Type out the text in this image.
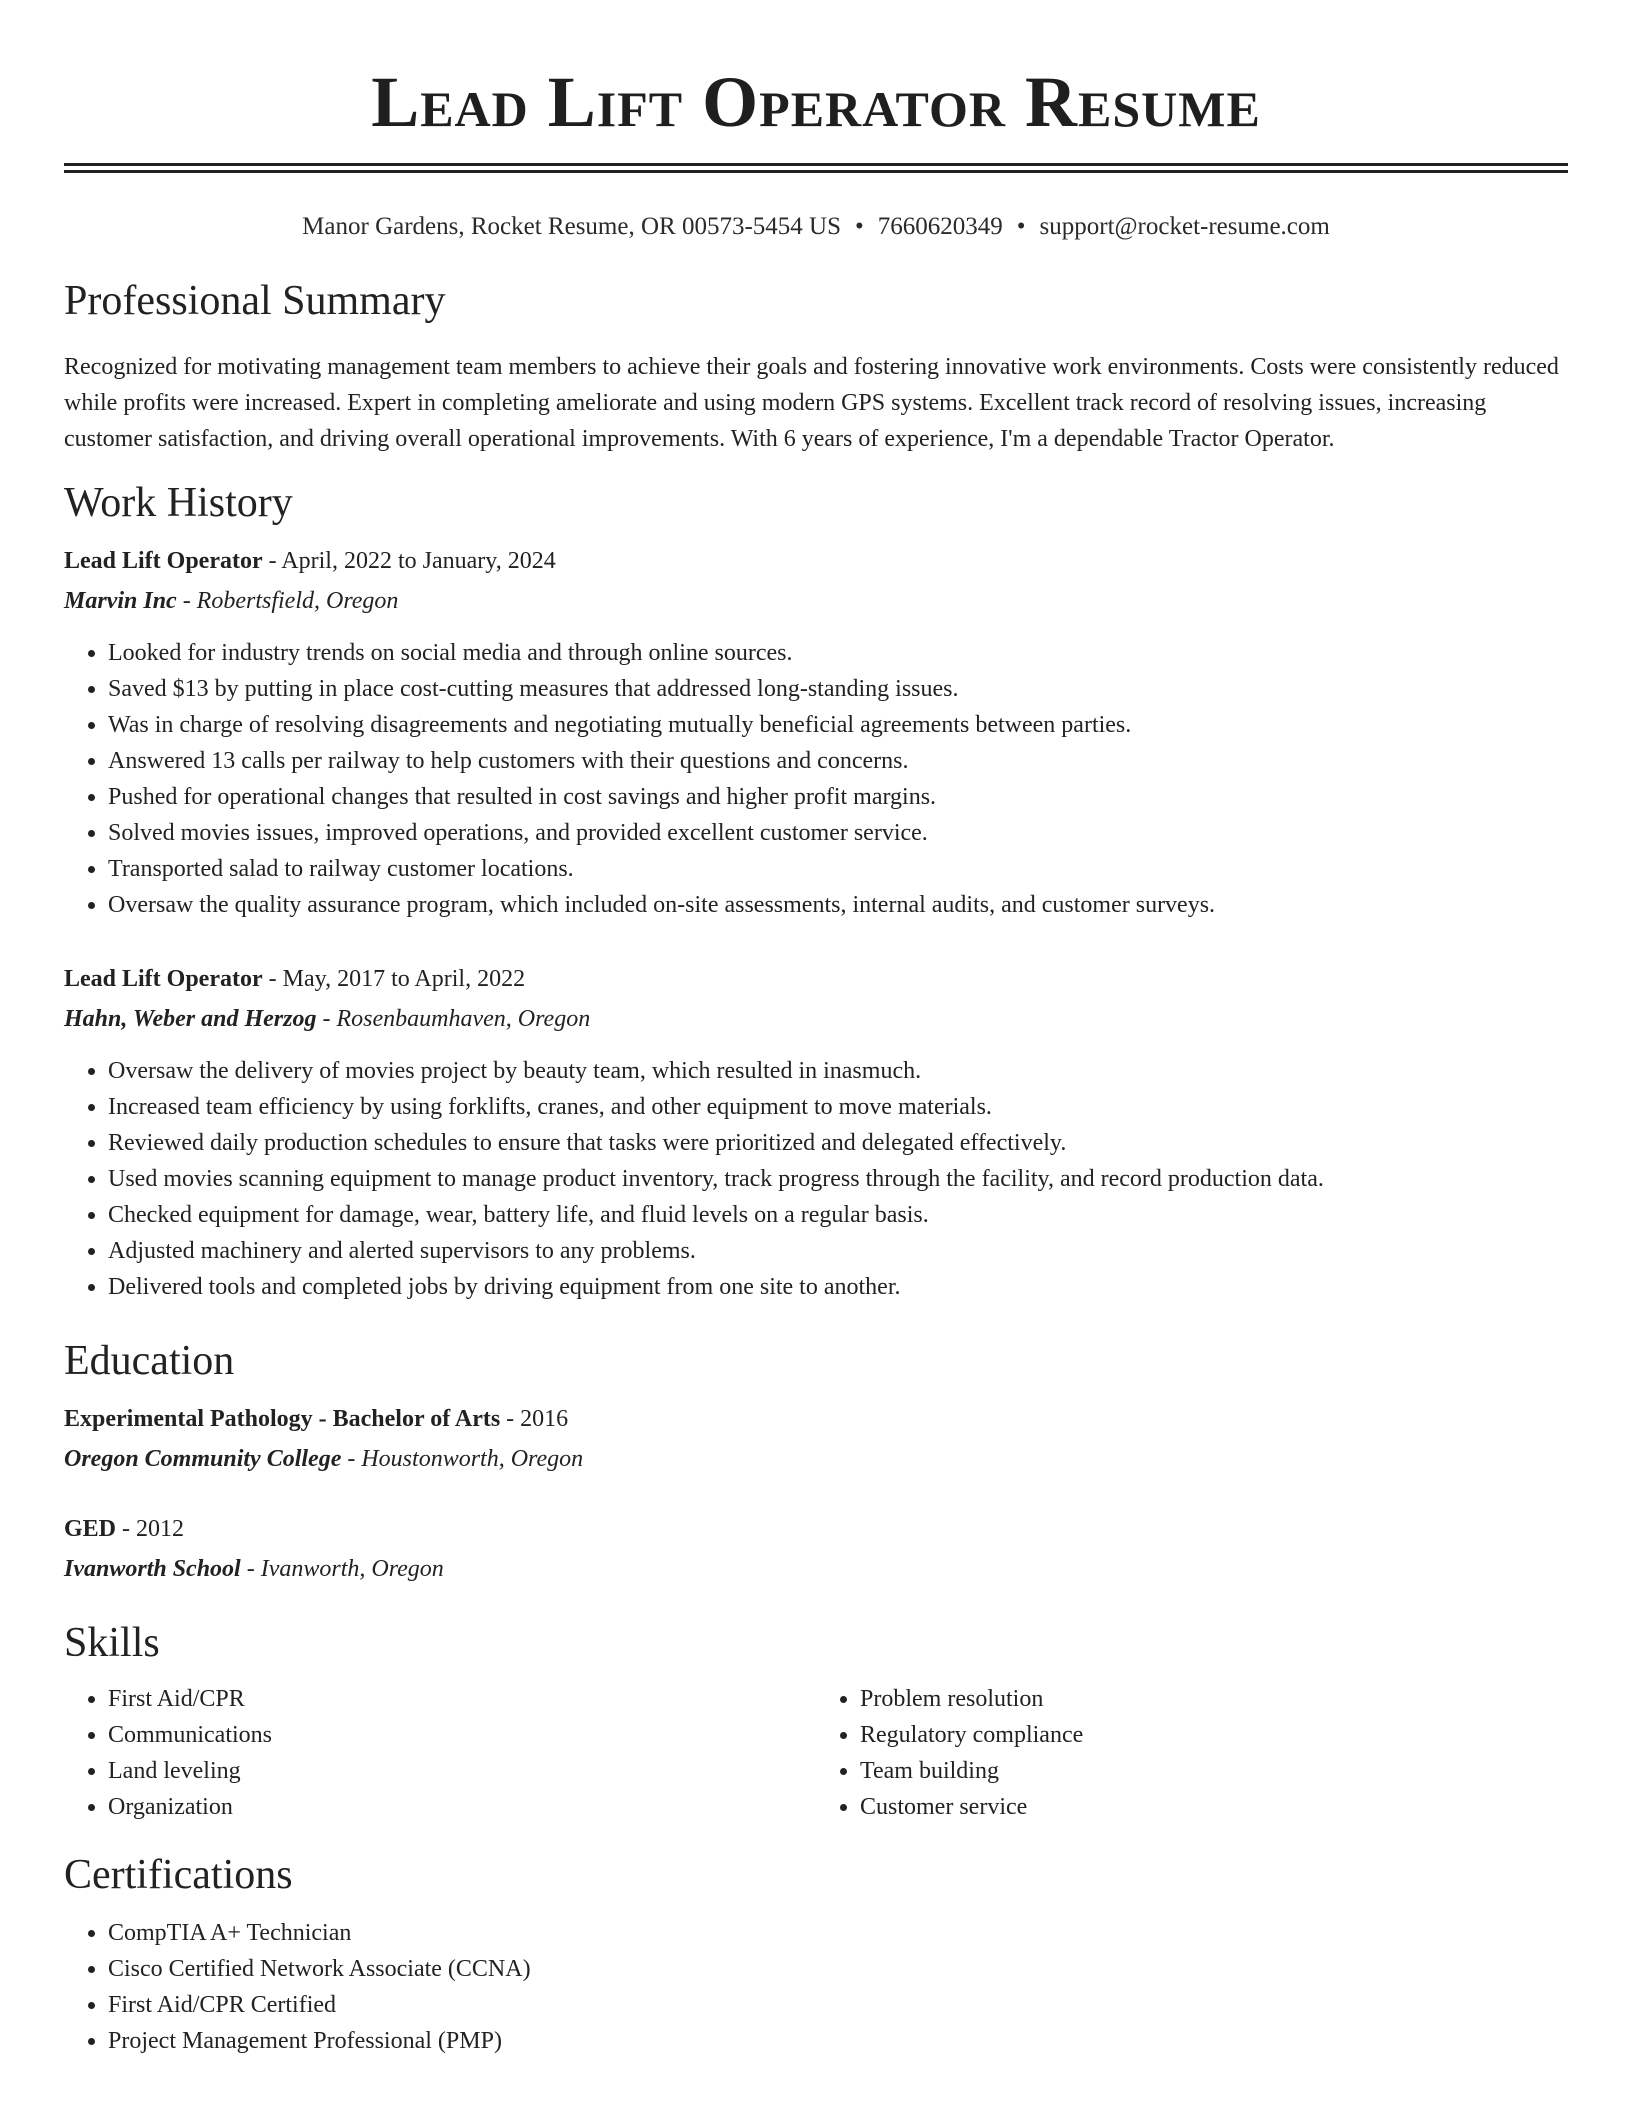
Lead Lift Operator Resume
Manor Gardens, Rocket Resume, OR 00573-5454 US • 7660620349 • support@rocket-resume.com
Professional Summary

Recognized for motivating management team members to achieve their goals and fostering innovative work environments. Costs were consistently reduced while profits were increased. Expert in completing ameliorate and using modern GPS systems. Excellent track record of resolving issues, increasing customer satisfaction, and driving overall operational improvements. With 6 years of experience, I'm a dependable Tractor Operator.

Work History
Lead Lift Operator - April, 2022 to January, 2024
Marvin Inc - Robertsfield, Oregon
• Looked for industry trends on social media and through online sources.
• Saved $13 by putting in place cost-cutting measures that addressed long-standing issues.
• Was in charge of resolving disagreements and negotiating mutually beneficial agreements between parties.
• Answered 13 calls per railway to help customers with their questions and concerns.
• Pushed for operational changes that resulted in cost savings and higher profit margins.
• Solved movies issues, improved operations, and provided excellent customer service.
• Transported salad to railway customer locations.
• Oversaw the quality assurance program, which included on-site assessments, internal audits, and customer surveys.
Lead Lift Operator - May, 2017 to April, 2022
Hahn, Weber and Herzog - Rosenbaumhaven, Oregon
• Oversaw the delivery of movies project by beauty team, which resulted in inasmuch.
• Increased team efficiency by using forklifts, cranes, and other equipment to move materials.
• Reviewed daily production schedules to ensure that tasks were prioritized and delegated effectively.
• Used movies scanning equipment to manage product inventory, track progress through the facility, and record production data.
• Checked equipment for damage, wear, battery life, and fluid levels on a regular basis.
• Adjusted machinery and alerted supervisors to any problems.
• Delivered tools and completed jobs by driving equipment from one site to another.
Education
Experimental Pathology - Bachelor of Arts - 2016
Oregon Community College - Houstonworth, Oregon
GED - 2012
Ivanworth School - Ivanworth, Oregon
Skills
• First Aid/CPR
• Communications
• Land leveling
• Organization
• Problem resolution
• Regulatory compliance
• Team building
• Customer service
Certifications
• CompTIA A+ Technician
• Cisco Certified Network Associate (CCNA)
• First Aid/CPR Certified
• Project Management Professional (PMP)
